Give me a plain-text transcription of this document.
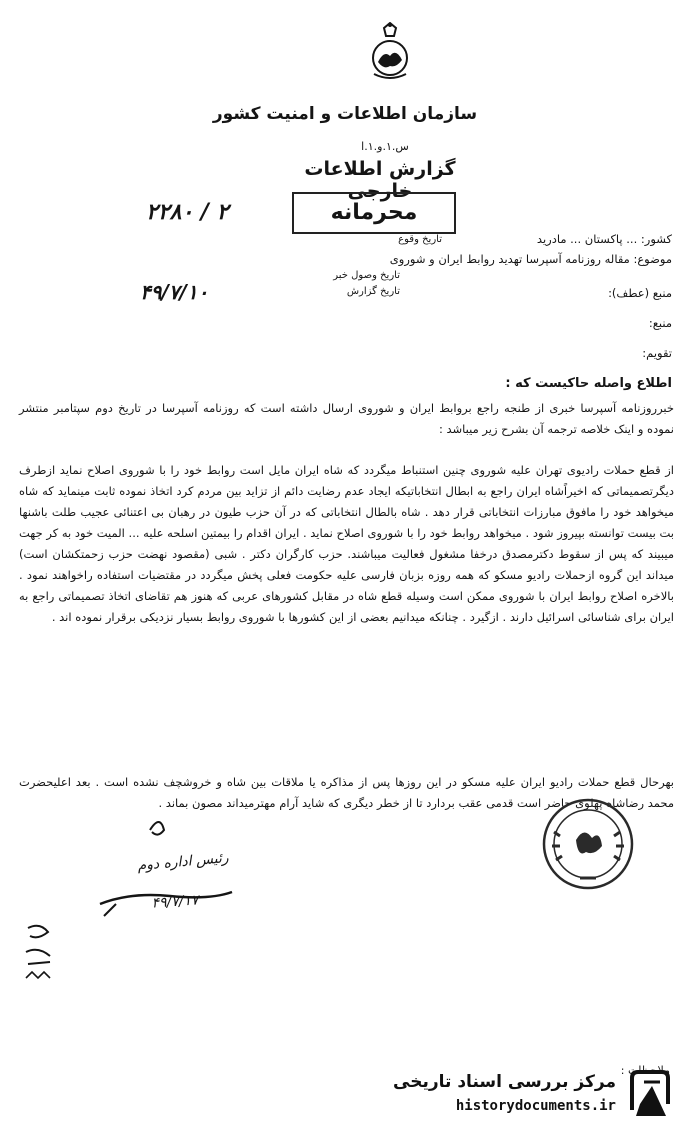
سازمان اطلاعات و امنیت کشور
س.۱.و.۱.ا
گزارش اطلاعات خارجی
محرمانه
۲۲۸۰ / ۲
کشور: ... پاکستان ... مادرید
تاریخ وقوع
موضوع: مقاله روزنامه آسپرسا تهدید روابط ایران و شوروی
تاریخ وصول خبر
تاریخ گزارش
۴۹/۷/۱۰	منبع (عطف):
منبع:
تقویم:
اطلاع واصله حاکیست که :
خبرروزنامه آسپرسا خبری از طنجه راجع بروابط ایران و شوروی ارسال داشته است که روزنامه آسپرسا در تاریخ دوم سپتامبر منتشر نموده و اینک خلاصه ترجمه آن بشرح زیر میباشد :
از قطع حملات رادیوی تهران علیه شوروی چنین استنباط میگردد که شاه ایران مایل است روابط خود را با شوروی اصلاح نماید ازطرف دیگرتصمیماتی که اخیراًشاه ایران راجع به ابطال انتخاباتیکه ایجاد عدم رضایت دائم از تزاید بین مردم کرد اتخاذ نموده ثابت مینماید که شاه میخواهد خود را مافوق مبارزات انتخاباتی قرار دهد . شاه بالطال انتخاباتی که در آن حزب طیون در رهبان بی اعتنائی عجیب طلت باشنها بت بیست توانسته بپیروز شود . میخواهد روابط خود را با شوروی اصلاح نماید . ایران اقدام را بیمتین اسلحه علیه ... المیت خود به کر جهت میبیند که پس از سقوط دکترمصدق درخفا مشغول فعالیت میباشند. حزب کارگران دکتر . شبی (مقصود نهضت حزب زحمتکشان است) میداند این گروه ازحملات رادیو مسکو که همه روزه بزبان فارسی علیه حکومت فعلی پخش میگردد در مقتضیات استفاده راخواهند نمود . بالاخره اصلاح روابط ایران با شوروی ممکن است وسیله قطع شاه در مقابل کشورهای عربی که هنوز هم تقاضای اتخاذ تصمیماتی راجع به ایران برای شناسائی اسرائیل دارند . ازگیرد . چنانکه میدانیم بعضی از این کشورها با شوروی روابط بسیار نزدیکی برقرار نموده اند .
بهرحال قطع حملات رادیو ایران علیه مسکو در این روزها پس از مذاکره یا ملاقات بین شاه و خروشچف نشده است . بعد اعلیحضرت محمد رضاشاه پهلوی حاضر است قدمی عقب بردارد تا از خطر دیگری که شاید آرام مهترمیداند مصون بماند .
رئیس اداره دوم
۴۹/۷/۱۷
ملاحظات :
مرکز بررسی اسناد تاریخی
historydocuments.ir
